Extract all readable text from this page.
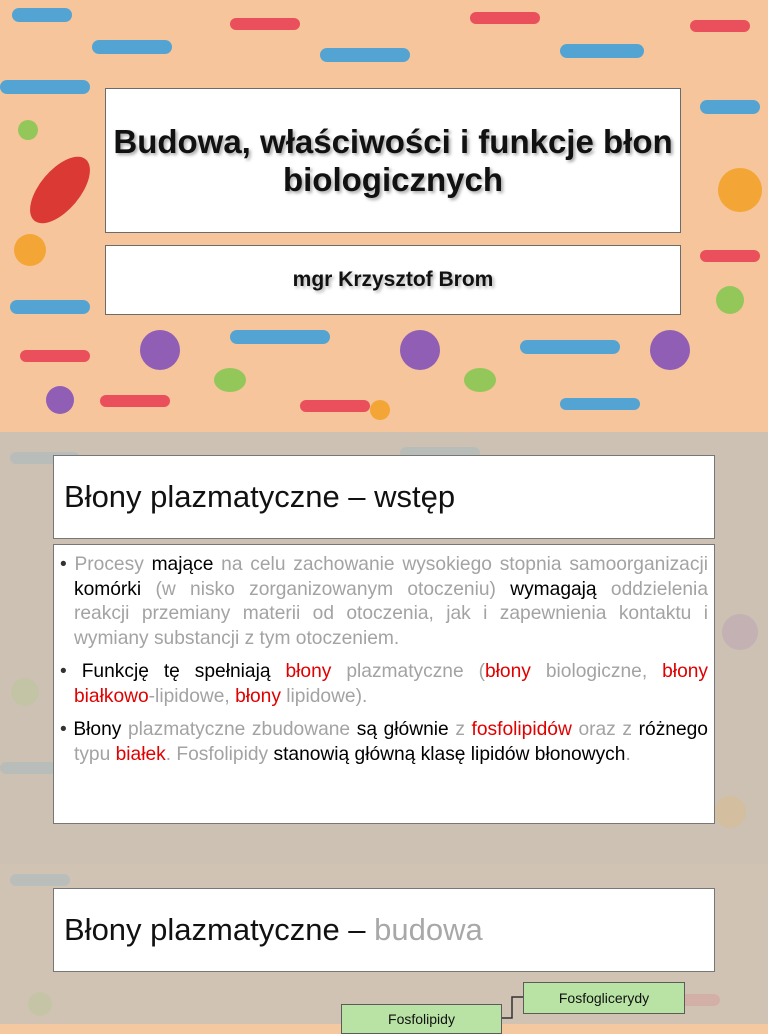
Budowa, właściwości i funkcje błon biologicznych
mgr Krzysztof Brom
Błony plazmatyczne – wstęp
• Procesy mające na celu zachowanie wysokiego stopnia samoorganizacji komórki (w nisko zorganizowanym otoczeniu) wymagają oddzielenia reakcji przemiany materii od otoczenia, jak i zapewnienia kontaktu i wymiany substancji z tym otoczeniem.
• Funkcję tę spełniają błony plazmatyczne (błony biologiczne, błony białkowo-lipidowe, błony lipidowe).
• Błony plazmatyczne zbudowane są głównie z fosfolipidów oraz z różnego typu białek. Fosfolipidy stanowią główną klasę lipidów błonowych.
Błony plazmatyczne – budowa
Fosfoglicerydy
Fosfolipidy
